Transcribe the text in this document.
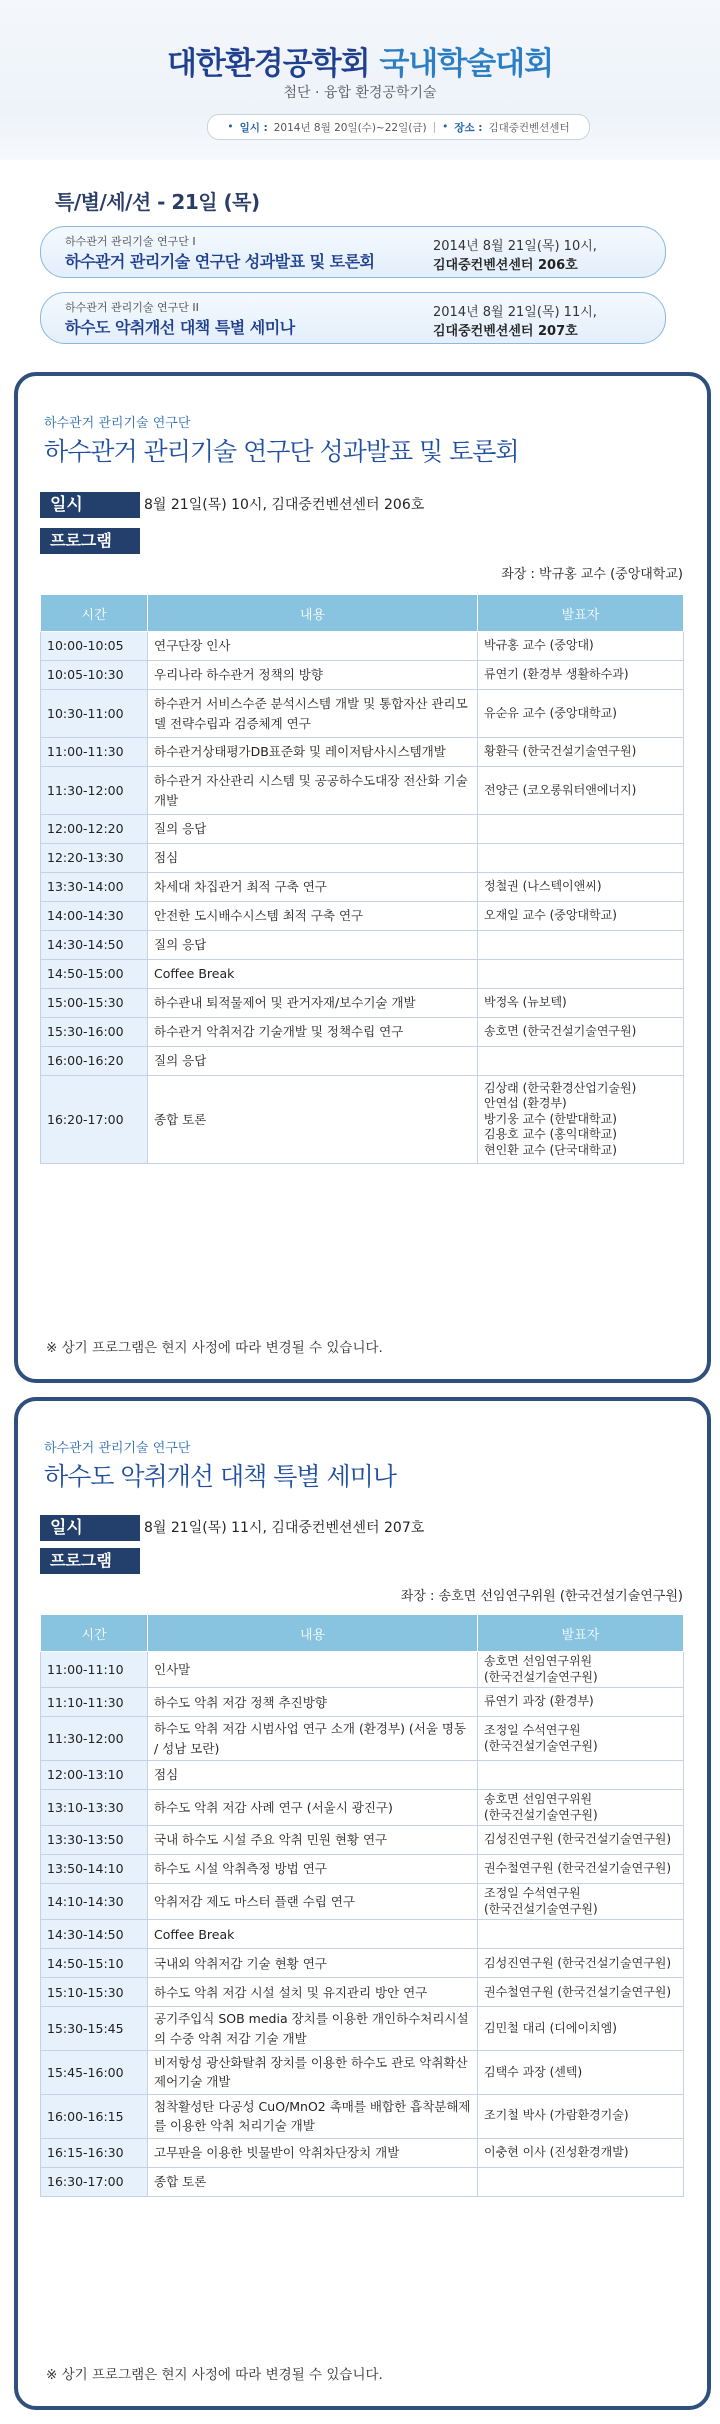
대한환경공학회 국내학술대회
첨단 · 융합 환경공학기술
• 일시 : 2014년 8월 20일(수)~22일(금) | • 장소 : 김대중컨벤션센터
특/별/세/션 - 21일 (목)
하수관거 관리기술 연구단 I
하수관거 관리기술 연구단 성과발표 및 토론회
2014년 8월 21일(목) 10시,
김대중컨벤션센터 206호
하수관거 관리기술 연구단 II
하수도 악취개선 대책 특별 세미나
2014년 8월 21일(목) 11시,
김대중컨벤션센터 207호
하수관거 관리기술 연구단
하수관거 관리기술 연구단 성과발표 및 토론회
일시	8월 21일(목) 10시, 김대중컨벤션센터 206호
프로그램
좌장 : 박규홍 교수 (중앙대학교)
시간	내용	발표자
10:00-10:05	연구단장 인사	박규홍 교수 (중앙대)
10:05-10:30	우리나라 하수관거 정책의 방향	류연기 (환경부 생활하수과)
10:30-11:00	하수관거 서비스수준 분석시스템 개발 및 통합자산 관리모델 전략수립과 검증체계 연구	유순유 교수 (중앙대학교)
11:00-11:30	하수관거상태평가DB표준화 및 레이저탐사시스템개발	황환극 (한국건설기술연구원)
11:30-12:00	하수관거 자산관리 시스템 및 공공하수도대장 전산화 기술 개발	전양근 (코오롱워터앤에너지)
12:00-12:20	질의 응답	
12:20-13:30	점심	
13:30-14:00	차세대 차집관거 최적 구축 연구	정철권 (나스텍이앤씨)
14:00-14:30	안전한 도시배수시스템 최적 구축 연구	오재일 교수 (중앙대학교)
14:30-14:50	질의 응답	
14:50-15:00	Coffee Break	
15:00-15:30	하수관내 퇴적물제어 및 관거자재/보수기술 개발	박정옥 (뉴보텍)
15:30-16:00	하수관거 악취저감 기술개발 및 정책수립 연구	송호면 (한국건설기술연구원)
16:00-16:20	질의 응답	
16:20-17:00	종합 토론	김상래 (한국환경산업기술원)
안연섭 (환경부)
방기웅 교수 (한밭대학교)
김용호 교수 (홍익대학교)
현인환 교수 (단국대학교)
※ 상기 프로그램은 현지 사정에 따라 변경될 수 있습니다.
하수관거 관리기술 연구단
하수도 악취개선 대책 특별 세미나
일시	8월 21일(목) 11시, 김대중컨벤션센터 207호
프로그램
좌장 : 송호면 선임연구위원 (한국건설기술연구원)
시간	내용	발표자
11:00-11:10	인사말	송호면 선임연구위원
(한국건설기술연구원)
11:10-11:30	하수도 악취 저감 정책 추진방향	류연기 과장 (환경부)
11:30-12:00	하수도 악취 저감 시범사업 연구 소개 (환경부) (서울 명동 / 성남 모란)	조정일 수석연구원
(한국건설기술연구원)
12:00-13:10	점심	
13:10-13:30	하수도 악취 저감 사례 연구 (서울시 광진구)	송호면 선임연구위원
(한국건설기술연구원)
13:30-13:50	국내 하수도 시설 주요 악취 민원 현황 연구	김성진연구원 (한국건설기술연구원)
13:50-14:10	하수도 시설 악취측정 방법 연구	권수철연구원 (한국건설기술연구원)
14:10-14:30	악취저감 제도 마스터 플랜 수립 연구	조정일 수석연구원
(한국건설기술연구원)
14:30-14:50	Coffee Break	
14:50-15:10	국내외 악취저감 기술 현황 연구	김성진연구원 (한국건설기술연구원)
15:10-15:30	하수도 악취 저감 시설 설치 및 유지관리 방안 연구	권수철연구원 (한국건설기술연구원)
15:30-15:45	공기주입식 SOB media 장치를 이용한 개인하수처리시설의 수중 악취 저감 기술 개발	김민철 대리 (디에이치엠)
15:45-16:00	비저항성 광산화탈취 장치를 이용한 하수도 관로 악취확산 제어기술 개발	김택수 과장 (센텍)
16:00-16:15	첨착활성탄 다공성 CuO/MnO2 촉매를 배합한 흡착분해제를 이용한 악취 처리기술 개발	조기철 박사 (가람환경기술)
16:15-16:30	고무판을 이용한 빗물받이 악취차단장치 개발	이충현 이사 (진성환경개발)
16:30-17:00	종합 토론	
※ 상기 프로그램은 현지 사정에 따라 변경될 수 있습니다.
